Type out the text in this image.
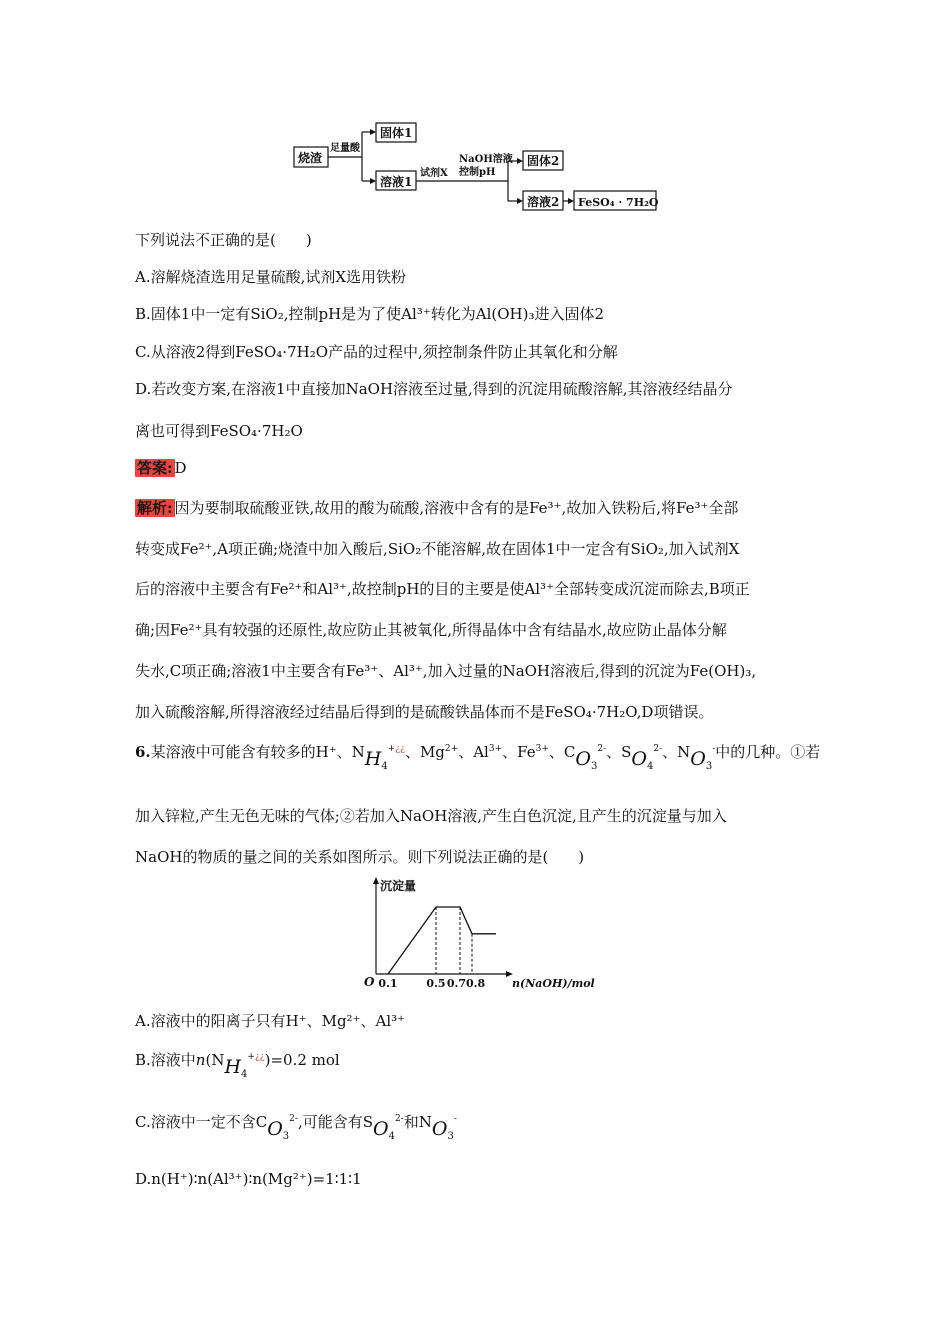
烧渣
足量酸
固体1
溶液1
试剂X
NaOH溶液
控制pH
固体2
溶液2 FeSO₄ · 7H₂O
下列说法不正确的是(　　)
A.溶解烧渣选用足量硫酸,试剂X选用铁粉
B.固体1中一定有SiO₂,控制pH是为了使Al³⁺转化为Al(OH)₃进入固体2
C.从溶液2得到FeSO₄·7H₂O产品的过程中,须控制条件防止其氧化和分解
D.若改变方案,在溶液1中直接加NaOH溶液至过量,得到的沉淀用硫酸溶解,其溶液经结晶分
离也可得到FeSO₄·7H₂O
答案: D
解析: 因为要制取硫酸亚铁,故用的酸为硫酸,溶液中含有的是Fe³⁺,故加入铁粉后,将Fe³⁺全部
转变成Fe²⁺,A项正确;烧渣中加入酸后,SiO₂不能溶解,故在固体1中一定含有SiO₂,加入试剂X
后的溶液中主要含有Fe²⁺和Al³⁺,故控制pH的目的主要是使Al³⁺全部转变成沉淀而除去,B项正
确;因Fe²⁺具有较强的还原性,故应防止其被氧化,所得晶体中含有结晶水,故应防止晶体分解
失水,C项正确;溶液1中主要含有Fe³⁺、Al³⁺,加入过量的NaOH溶液后,得到的沉淀为Fe(OH)₃,
加入硫酸溶解,所得溶液经过结晶后得到的是硫酸铁晶体而不是FeSO₄·7H₂O,D项错误。
6.某溶液中可能含有较多的H⁺、$NH_4^{+¿¿}$、$Mg^{2+}$、$Al^{3+}$、$Fe^{3+}$、$CO_3^{2-}$、$SO_4^{2-}$、$NO_3^-$中的几种。①若
加入锌粒,产生无色无味的气体;②若加入NaOH溶液,产生白色沉淀,且产生的沉淀量与加入
NaOH的物质的量之间的关系如图所示。则下列说法正确的是(　　)
沉淀量
O	n(NaOH)/mol
0.1	0.5 0.70.8
A.溶液中的阳离子只有H⁺、Mg²⁺、Al³⁺
B.溶液中$n(NH_4^{+¿¿})=0.2$ mol
C.溶液中一定不含$CO_3^{2-}$,可能含有$SO_4^{2-}$和$NO_3^-$
D.n(H⁺)∶n(Al³⁺)∶n(Mg²⁺)=1∶1∶1
